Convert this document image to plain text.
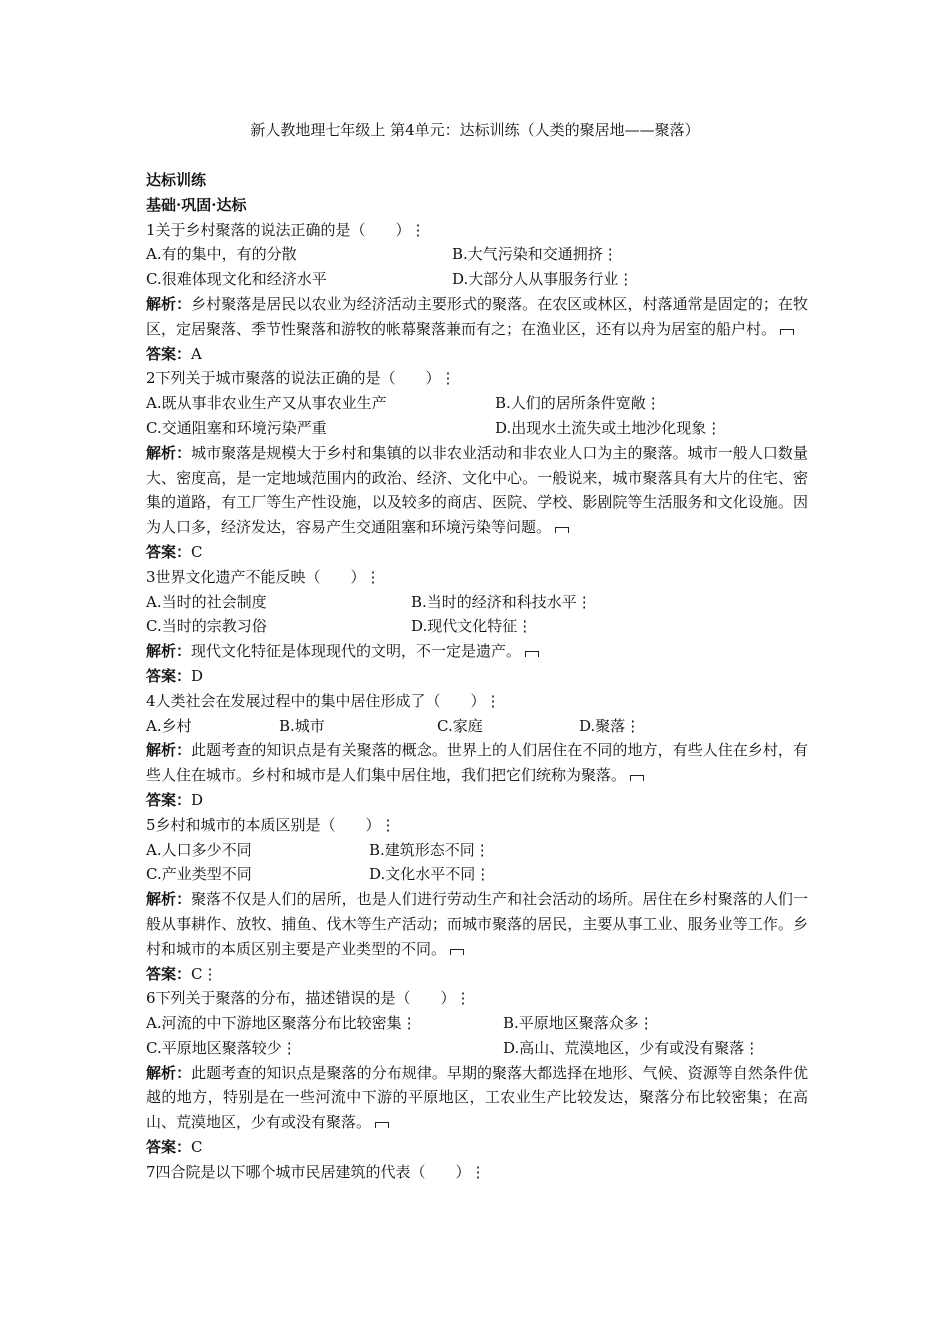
新人教地理七年级上 第4单元：达标训练（人类的聚居地——聚落）
达标训练
基础·巩固·达标
1关于乡村聚落的说法正确的是（　　）⋮
A.有的集中，有的分散	B.大气污染和交通拥挤⋮
C.很难体现文化和经济水平	D.大部分人从事服务行业⋮
解析：乡村聚落是居民以农业为经济活动主要形式的聚落。在农区或林区，村落通常是固定的；在牧区，定居聚落、季节性聚落和游牧的帐幕聚落兼而有之；在渔业区，还有以舟为居室的船户村。
答案：A
2下列关于城市聚落的说法正确的是（　　）⋮
A.既从事非农业生产又从事农业生产	B.人们的居所条件宽敞⋮
C.交通阻塞和环境污染严重	D.出现水土流失或土地沙化现象⋮
解析：城市聚落是规模大于乡村和集镇的以非农业活动和非农业人口为主的聚落。城市一般人口数量大、密度高，是一定地域范围内的政治、经济、文化中心。一般说来，城市聚落具有大片的住宅、密集的道路，有工厂等生产性设施，以及较多的商店、医院、学校、影剧院等生活服务和文化设施。因为人口多，经济发达，容易产生交通阻塞和环境污染等问题。
答案：C
3世界文化遗产不能反映（　　）⋮
A.当时的社会制度	B.当时的经济和科技水平⋮
C.当时的宗教习俗	D.现代文化特征⋮
解析：现代文化特征是体现现代的文明，不一定是遗产。
答案：D
4人类社会在发展过程中的集中居住形成了（　　）⋮
A.乡村	B.城市	C.家庭	D.聚落⋮
解析：此题考查的知识点是有关聚落的概念。世界上的人们居住在不同的地方，有些人住在乡村，有些人住在城市。乡村和城市是人们集中居住地，我们把它们统称为聚落。
答案：D
5乡村和城市的本质区别是（　　）⋮
A.人口多少不同	B.建筑形态不同⋮
C.产业类型不同	D.文化水平不同⋮
解析：聚落不仅是人们的居所，也是人们进行劳动生产和社会活动的场所。居住在乡村聚落的人们一般从事耕作、放牧、捕鱼、伐木等生产活动；而城市聚落的居民，主要从事工业、服务业等工作。乡村和城市的本质区别主要是产业类型的不同。
答案：C⋮
6下列关于聚落的分布，描述错误的是（　　）⋮
A.河流的中下游地区聚落分布比较密集⋮	B.平原地区聚落众多⋮
C.平原地区聚落较少⋮	D.高山、荒漠地区，少有或没有聚落⋮
解析：此题考查的知识点是聚落的分布规律。早期的聚落大都选择在地形、气候、资源等自然条件优越的地方，特别是在一些河流中下游的平原地区，工农业生产比较发达，聚落分布比较密集；在高山、荒漠地区，少有或没有聚落。
答案：C
7四合院是以下哪个城市民居建筑的代表（　　）⋮
